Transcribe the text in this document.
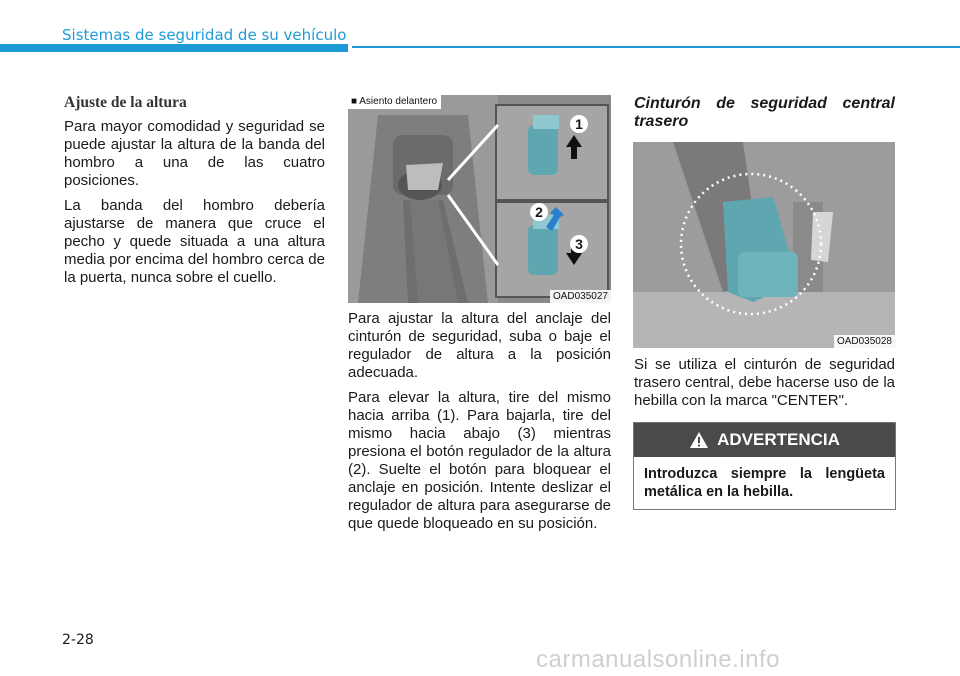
Sistemas de seguridad de su vehículo
Ajuste de la altura

Para mayor comodidad y seguridad se puede ajustar la altura de la banda del hombro a una de las cuatro posiciones.

La banda del hombro debería ajustarse de manera que cruce el pecho y quede situada a una altura media por encima del hombro cerca de la puerta, nunca sobre el cuello.

1
2
3
■ Asiento delantero
OAD035027

Para ajustar la altura del anclaje del cinturón de seguridad, suba o baje el regulador de altura a la posición adecuada.

Para elevar la altura, tire del mismo hacia arriba (1). Para bajarla, tire del mismo hacia abajo (3) mientras presiona el botón regulador de la altura (2). Suelte el botón para bloquear el anclaje en posición. Intente deslizar el regulador de altura para asegurarse de que quede bloqueado en su posición.

Cinturón de seguridad central trasero
OAD035028

Si se utiliza el cinturón de seguridad trasero central, debe hacerse uso de la hebilla con la marca "CENTER".

ADVERTENCIA
Introduzca siempre la lengüeta metálica en la hebilla.
2-28
carmanualsonline.info
